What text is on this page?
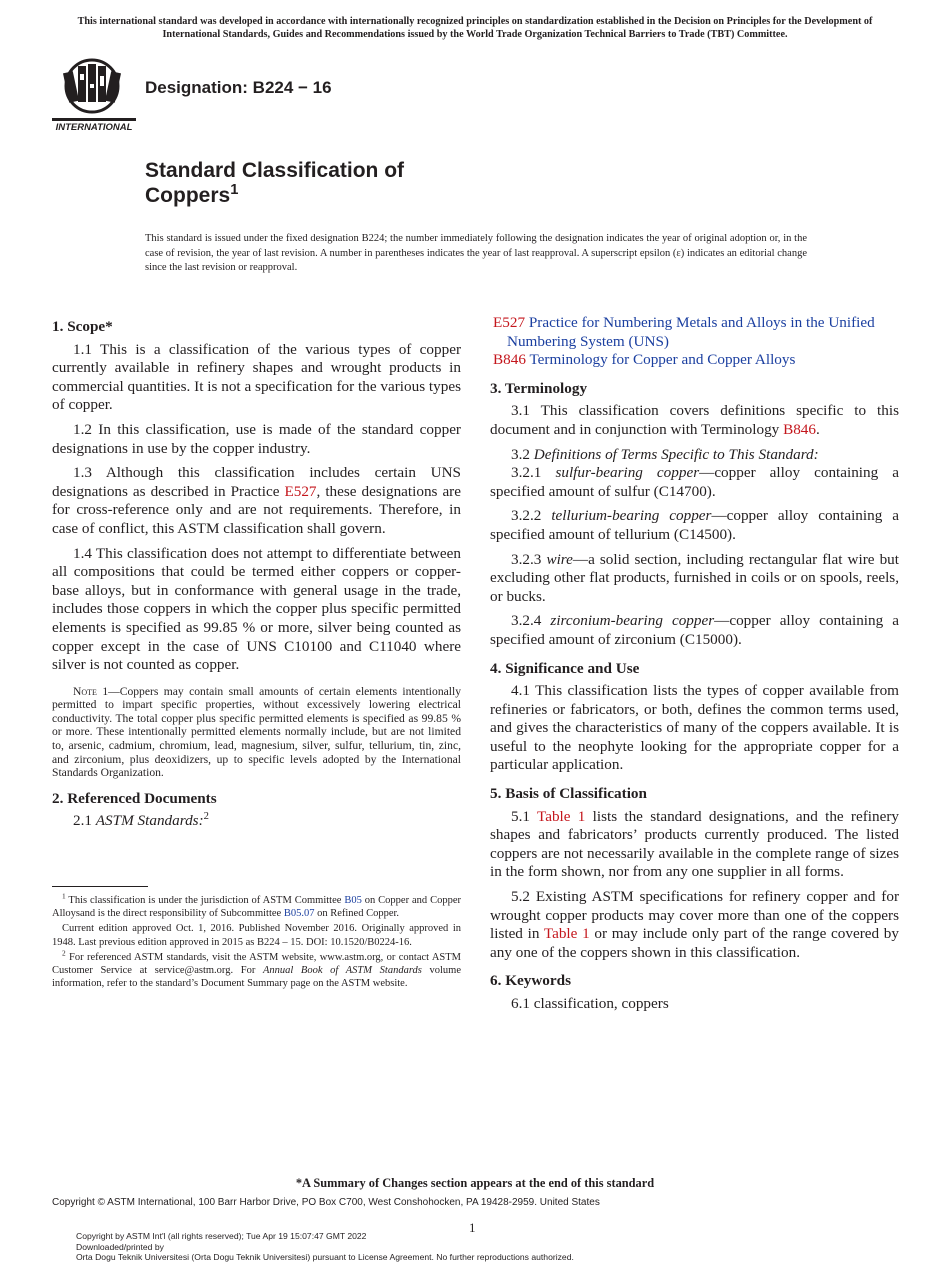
This international standard was developed in accordance with internationally recognized principles on standardization established in the Decision on Principles for the Development of International Standards, Guides and Recommendations issued by the World Trade Organization Technical Barriers to Trade (TBT) Committee.
INTERNATIONAL
Designation: B224 − 16
Standard Classification of
Coppers$^1$
This standard is issued under the fixed designation B224; the number immediately following the designation indicates the year of original adoption or, in the case of revision, the year of last revision. A number in parentheses indicates the year of last reapproval. A superscript epsilon (ε) indicates an editorial change since the last revision or reapproval.
1. Scope*

1.1 This is a classification of the various types of copper currently available in refinery shapes and wrought products in commercial quantities. It is not a specification for the various types of copper.

1.2 In this classification, use is made of the standard copper designations in use by the copper industry.

1.3 Although this classification includes certain UNS designations as described in Practice E527, these designations are for cross-reference only and are not requirements. Therefore, in case of conflict, this ASTM classification shall govern.

1.4 This classification does not attempt to differentiate between all compositions that could be termed either coppers or copper-base alloys, but in conformance with general usage in the trade, includes those coppers in which the copper plus specific permitted elements is specified as 99.85 % or more, silver being counted as copper except in the case of UNS C10100 and C11040 where silver is not counted as copper.

Note 1—Coppers may contain small amounts of certain elements intentionally permitted to impart specific properties, without excessively lowering electrical conductivity. The total copper plus specific permitted elements is specified as 99.85 % or more. These intentionally permitted elements normally include, but are not limited to, arsenic, cadmium, chromium, lead, magnesium, silver, sulfur, tellurium, tin, zinc, and zirconium, plus deoxidizers, up to specific levels adopted by the International Standards Organization.
2. Referenced Documents

2.1 ASTM Standards:$^2$

$^1$ This classification is under the jurisdiction of ASTM Committee B05 on Copper and Copper Alloysand is the direct responsibility of Subcommittee B05.07 on Refined Copper.

Current edition approved Oct. 1, 2016. Published November 2016. Originally approved in 1948. Last previous edition approved in 2015 as B224 – 15. DOI: 10.1520/B0224-16.

$^2$ For referenced ASTM standards, visit the ASTM website, www.astm.org, or contact ASTM Customer Service at service@astm.org. For Annual Book of ASTM Standards volume information, refer to the standard’s Document Summary page on the ASTM website.

E527 Practice for Numbering Metals and Alloys in the Unified Numbering System (UNS)
B846 Terminology for Copper and Copper Alloys
3. Terminology

3.1 This classification covers definitions specific to this document and in conjunction with Terminology B846.

3.2 Definitions of Terms Specific to This Standard:

3.2.1 sulfur-bearing copper—copper alloy containing a specified amount of sulfur (C14700).

3.2.2 tellurium-bearing copper—copper alloy containing a specified amount of tellurium (C14500).

3.2.3 wire—a solid section, including rectangular flat wire but excluding other flat products, furnished in coils or on spools, reels, or bucks.

3.2.4 zirconium-bearing copper—copper alloy containing a specified amount of zirconium (C15000).

4. Significance and Use

4.1 This classification lists the types of copper available from refineries or fabricators, or both, defines the common terms used, and gives the characteristics of many of the coppers available. It is useful to the neophyte looking for the appropriate copper for a particular application.

5. Basis of Classification

5.1 Table 1 lists the standard designations, and the refinery shapes and fabricators’ products currently produced. The listed coppers are not necessarily available in the complete range of sizes in the form shown, nor from any one supplier in all forms.

5.2 Existing ASTM specifications for refinery copper and for wrought copper products may cover more than one of the coppers listed in Table 1 or may include only part of the range covered by any one of the coppers shown in this classification.

6. Keywords

6.1 classification, coppers

*A Summary of Changes section appears at the end of this standard
Copyright © ASTM International, 100 Barr Harbor Drive, PO Box C700, West Conshohocken, PA 19428-2959. United States
1
Copyright by ASTM Int'l (all rights reserved); Tue Apr 19 15:07:47 GMT 2022
Downloaded/printed by
Orta Dogu Teknik Universitesi (Orta Dogu Teknik Universitesi) pursuant to License Agreement. No further reproductions authorized.
